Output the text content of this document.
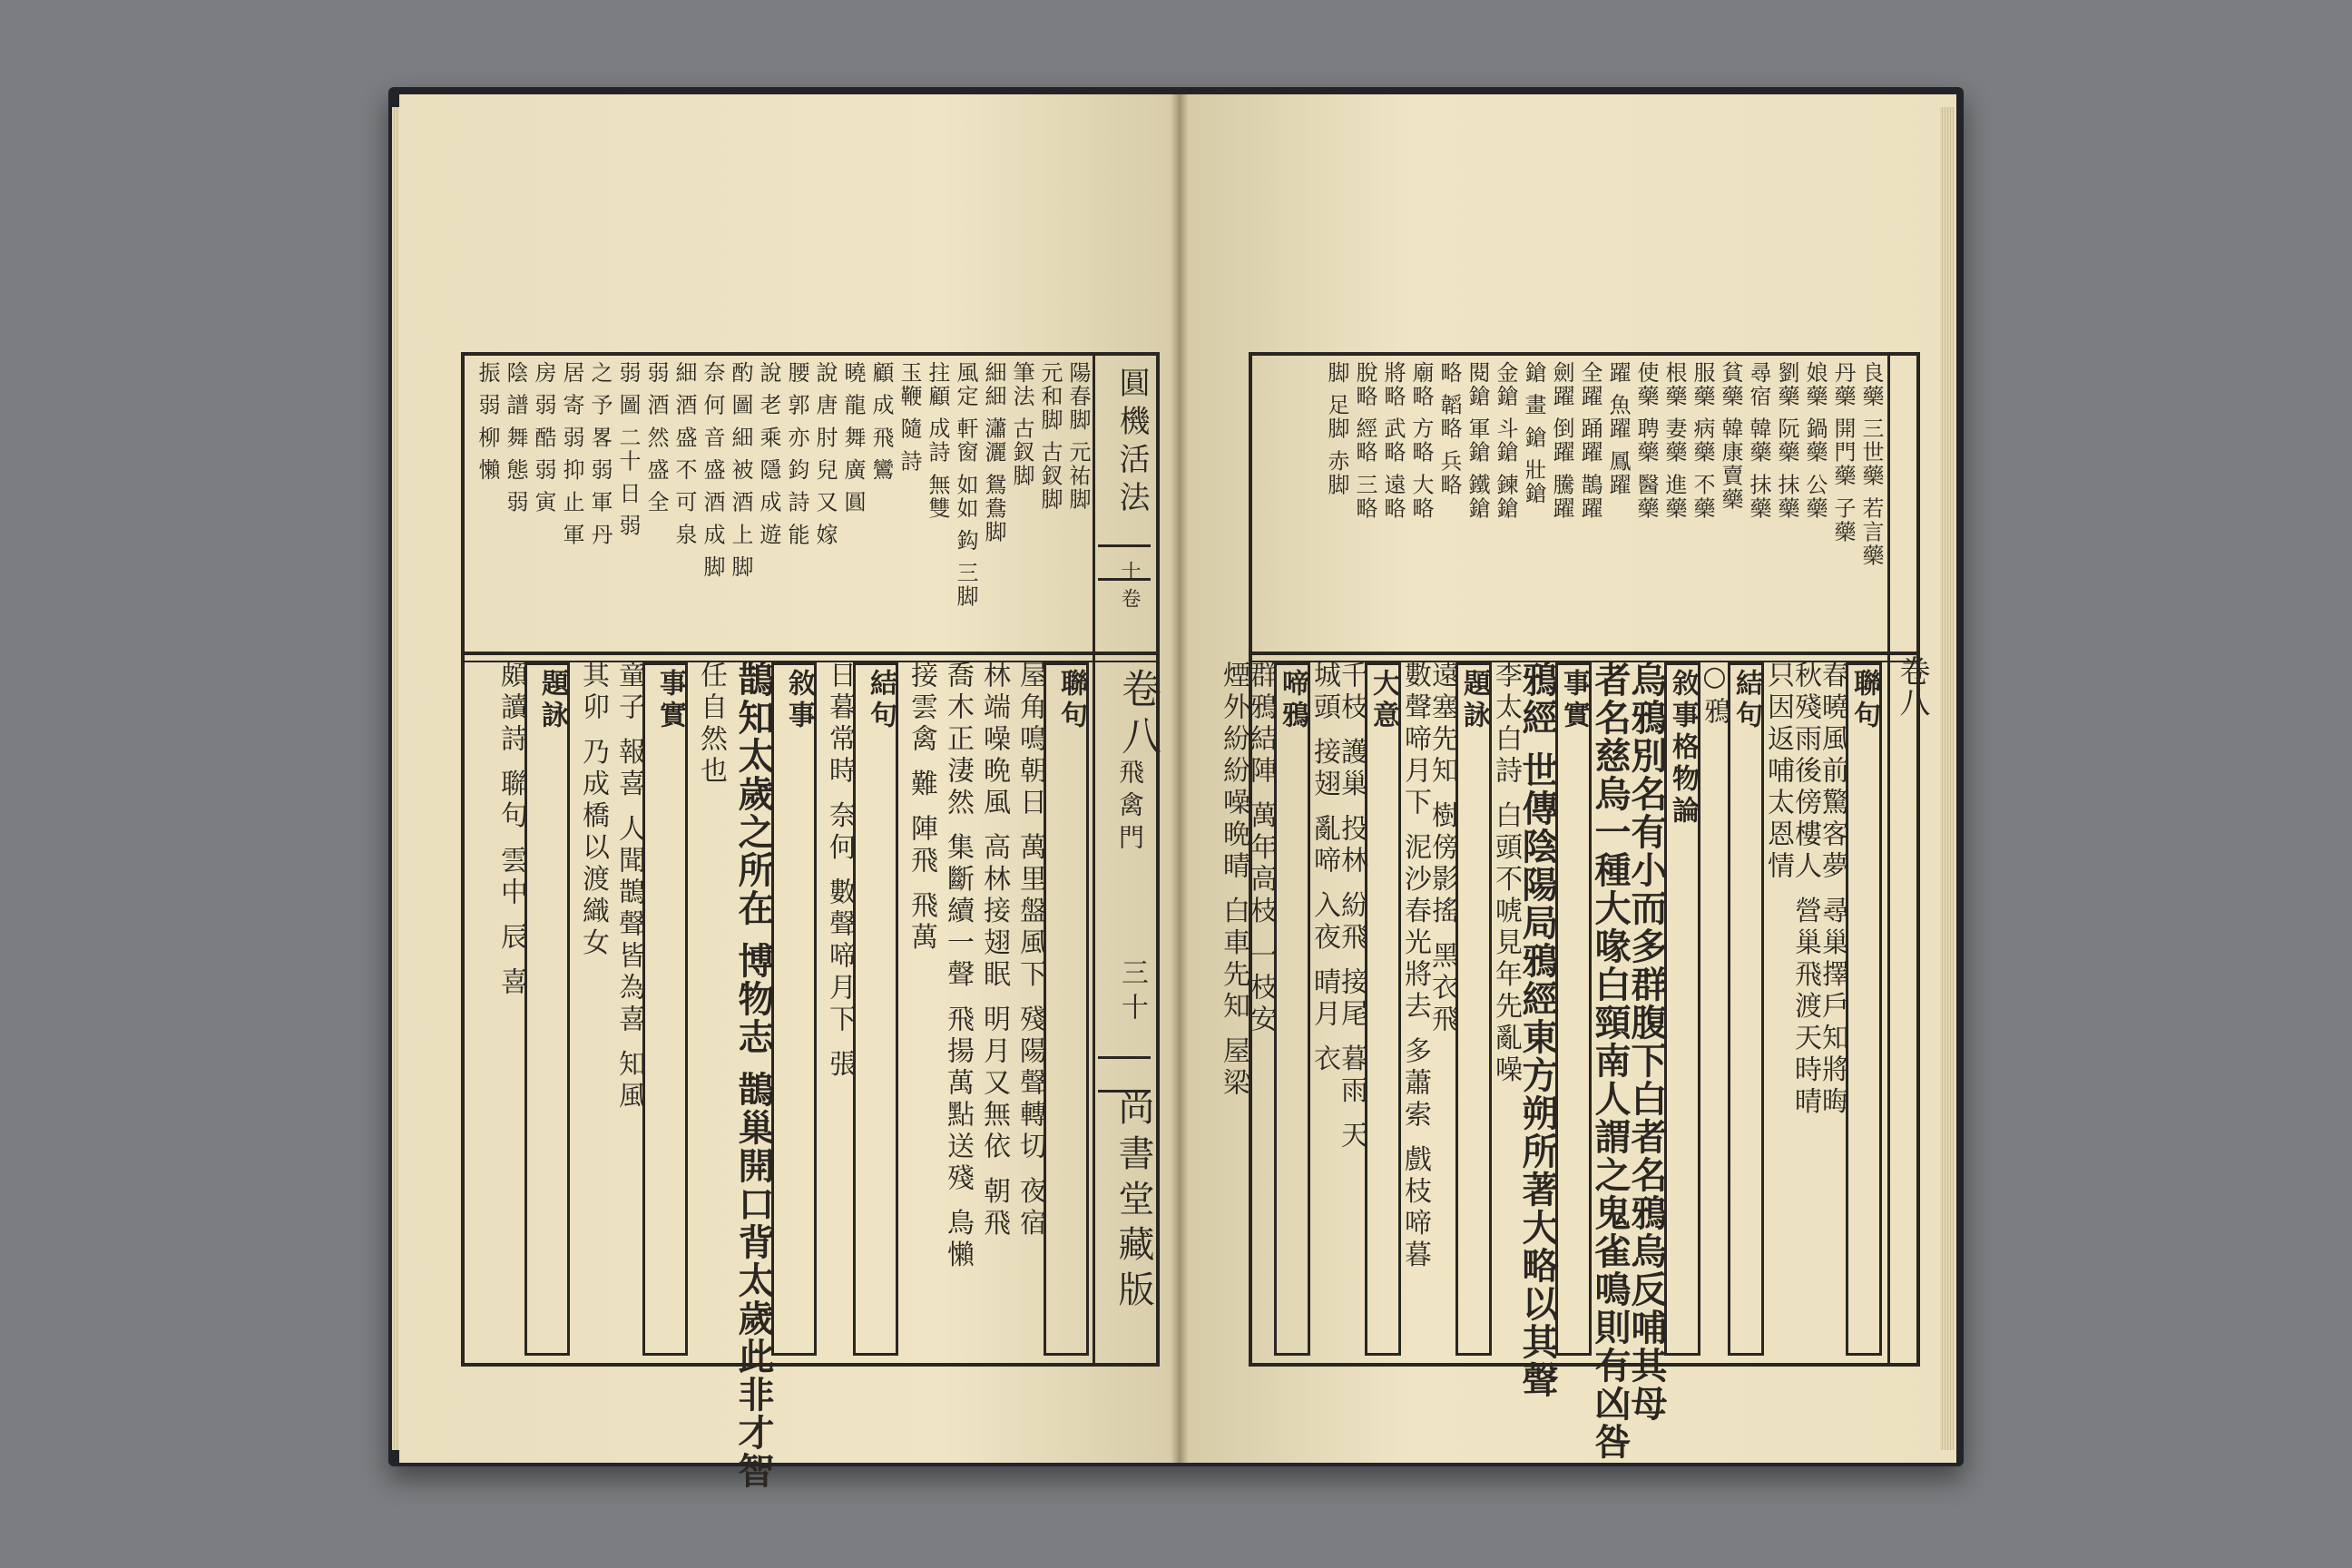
陽春脚 元祐脚
元和脚 古釵脚
筆法 古釵脚
細細 瀟灑 鴛鴦脚
風定 軒窗 如如 鈎 三脚
拄顧 成詩 無雙
玉鞭 隨 詩
顧 成 飛 鸞
曉 龍 舞 廣 圓
說 唐 肘 兒 又 嫁
腰 郭 亦 鈞 詩 能
說 老 乘 隱 成 遊
酌 圖 細 被 酒 上 脚
奈 何 音 盛 酒 成 脚
細 酒 盛 不 可 泉
弱 酒 然 盛 全
弱 圖 二十 日 弱
之 予 畧 弱 軍 丹
居 寄 弱 抑 止 軍
房 弱 酷 弱 寅
陰 譜 舞 態 弱
振 弱 柳 懶
聯句
屋角鳴朝日 萬里盤風下 殘陽聲轉切 夜宿
林端噪晩風 高林接翅眠 明月又無依 朝飛
喬木正淒然 集斷續一聲 飛揚萬點送殘 鳥懶
接雲禽 難 陣飛 飛萬
結句
日暮常時 奈何 數聲啼月下 張
敘事
鵲知太歲之所在 博物志 鵲巢開口背太歲此非才智
任自然也
事實
童子 報喜 人聞鵲聲皆為喜 知風
其卯 乃成橋以渡織女
題詠
頗讀詩 聯句 雲中 辰 喜
圓機活法
十卷
卷八
飛禽門
三十
尚書堂藏版
良藥 三世藥 若言藥
丹藥 開門藥 子藥
娘藥 鍋藥 公藥
劉藥 阮藥 抹藥
尋宿 韓藥 抹藥
貧藥 韓康賣藥
服藥 病藥 不藥
根藥 妻藥 進藥
使藥 聘藥 醫藥
躍 魚躍 鳳躍
全躍 踊躍 鵲躍
劍躍 倒躍 騰躍
鎗 畫 鎗 壯鎗
金鎗 斗鎗 鍊鎗
閱鎗 軍鎗 鐵鎗
略 韜略 兵略
廟略 方略 大略
將略 武略 遠略
脫略 經略 三略
脚 足脚 赤脚
聯句
春曉風前驚客夢 尋巢擇戶知將晦
秋殘雨後傍樓人 營巢飛渡天時晴
只因返哺太恩情
結句
○鴉
敘事格物論
烏鴉別名有小而多群腹下白者名鴉烏反哺其母
者名慈烏一種大喙白頸南人謂之鬼雀鳴則有凶咎
事實
鴉經 世傳陰陽局鴉經東方朔所著大略以其聲
李太白詩 白頭不唬見年先亂噪
題詠
遠塞先知 樹傍影搖 黑衣飛
數聲啼月下 泥沙春光將去 多蕭索 戲枝啼暮
大意
千枝 護巢 投林 紛飛 接尾 暮雨 天
城頭 接翅 亂啼 入夜 晴月 衣
啼鴉
群鴉結陣 萬年高枝 一枝安
煙外紛紛噪晩晴 白車先知 屋梁	卷八
